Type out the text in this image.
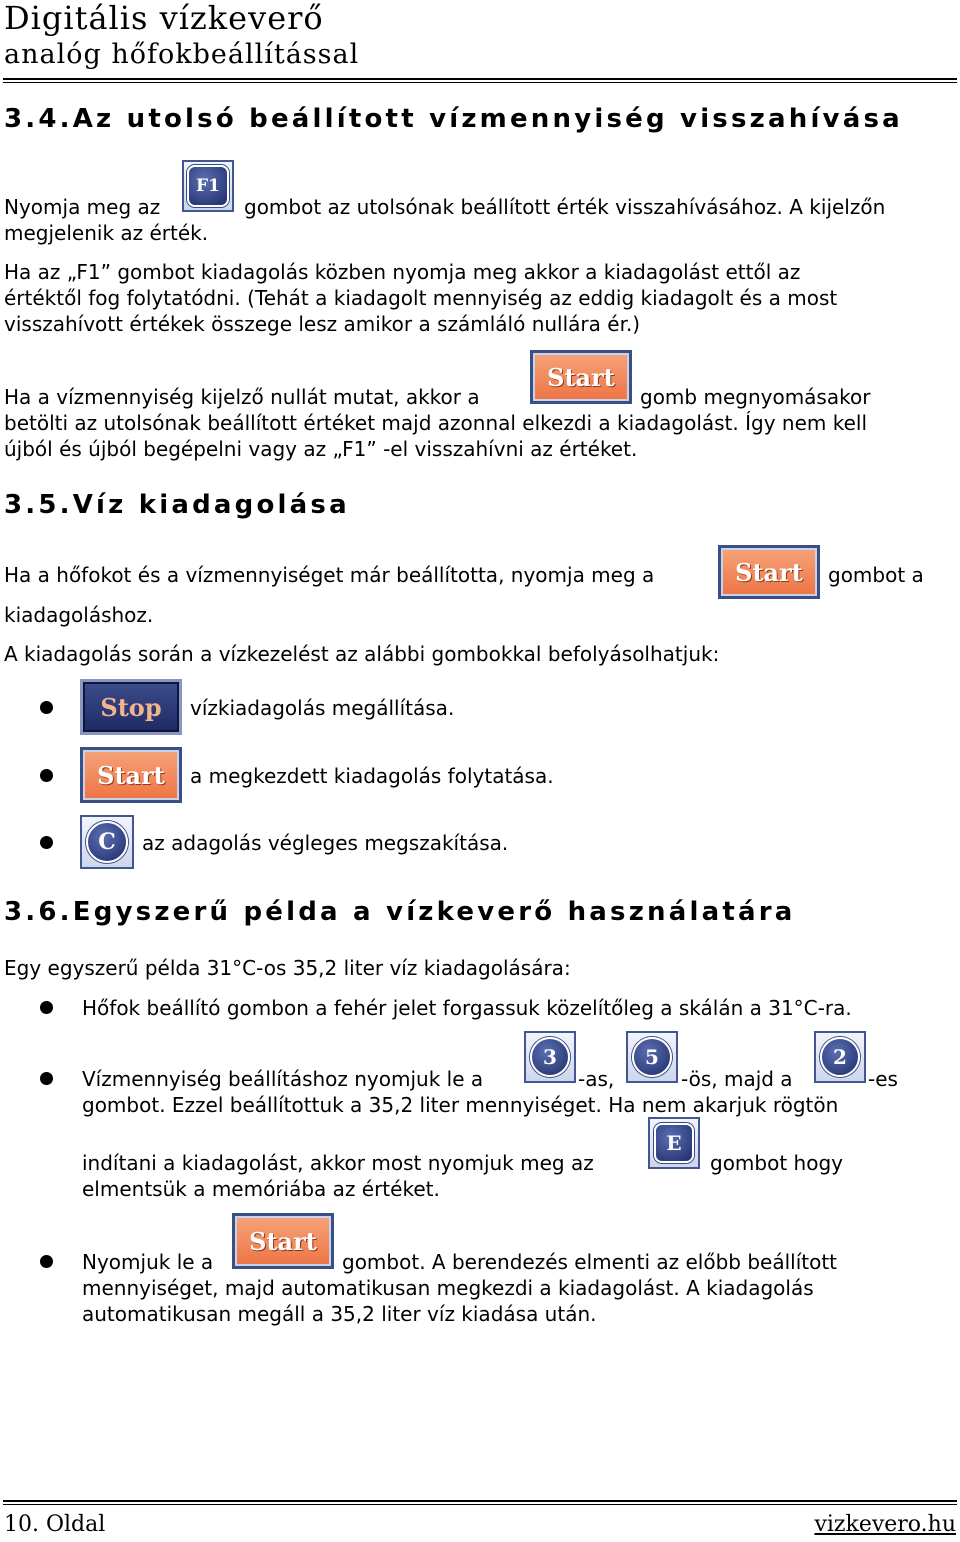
Digitális vízkeverő
analóg hőfokbeállítással
3.4.Az utolsó beállított vízmennyiség visszahívása
Nyomja meg az
F1
gombot az utolsónak beállított érték visszahívásához. A kijelzőn
megjelenik az érték.
Ha az „F1” gombot kiadagolás közben nyomja meg akkor a kiadagolást ettől az
értéktől fog folytatódni. (Tehát a kiadagolt mennyiség az eddig kiadagolt és a most
visszahívott értékek összege lesz amikor a számláló nullára ér.)
Ha a vízmennyiség kijelző nullát mutat, akkor a
Start
gomb megnyomásakor
betölti az utolsónak beállított értéket majd azonnal elkezdi a kiadagolást. Így nem kell
újból és újból begépelni vagy az „F1” -el visszahívni az értéket.
3.5.Víz kiadagolása
Ha a hőfokot és a vízmennyiséget már beállította, nyomja meg a	Start	gombot a
kiadagoláshoz.
A kiadagolás során a vízkezelést az alábbi gombokkal befolyásolhatjuk:
Stop	vízkiadagolás megállítása.
Start	a megkezdett kiadagolás folytatása.
C	az adagolás végleges megszakítása.
3.6.Egyszerű példa a vízkeverő használatára
Egy egyszerű példa 31°C-os 35,2 liter víz kiadagolására:
Hőfok beállító gombon a fehér jelet forgassuk közelítőleg a skálán a 31°C-ra.
Vízmennyiség beállításhoz nyomjuk le a
3
-as,
5
-ös, majd a
2
-es
gombot. Ezzel beállítottuk a 35,2 liter mennyiséget. Ha nem akarjuk rögtön
indítani a kiadagolást, akkor most nyomjuk meg az
E
gombot hogy
elmentsük a memóriába az értéket.
Nyomjuk le a
Start
gombot. A berendezés elmenti az előbb beállított
mennyiséget, majd automatikusan megkezdi a kiadagolást. A kiadagolás
automatikusan megáll a 35,2 liter víz kiadása után.
10. Oldal	vizkevero.hu
